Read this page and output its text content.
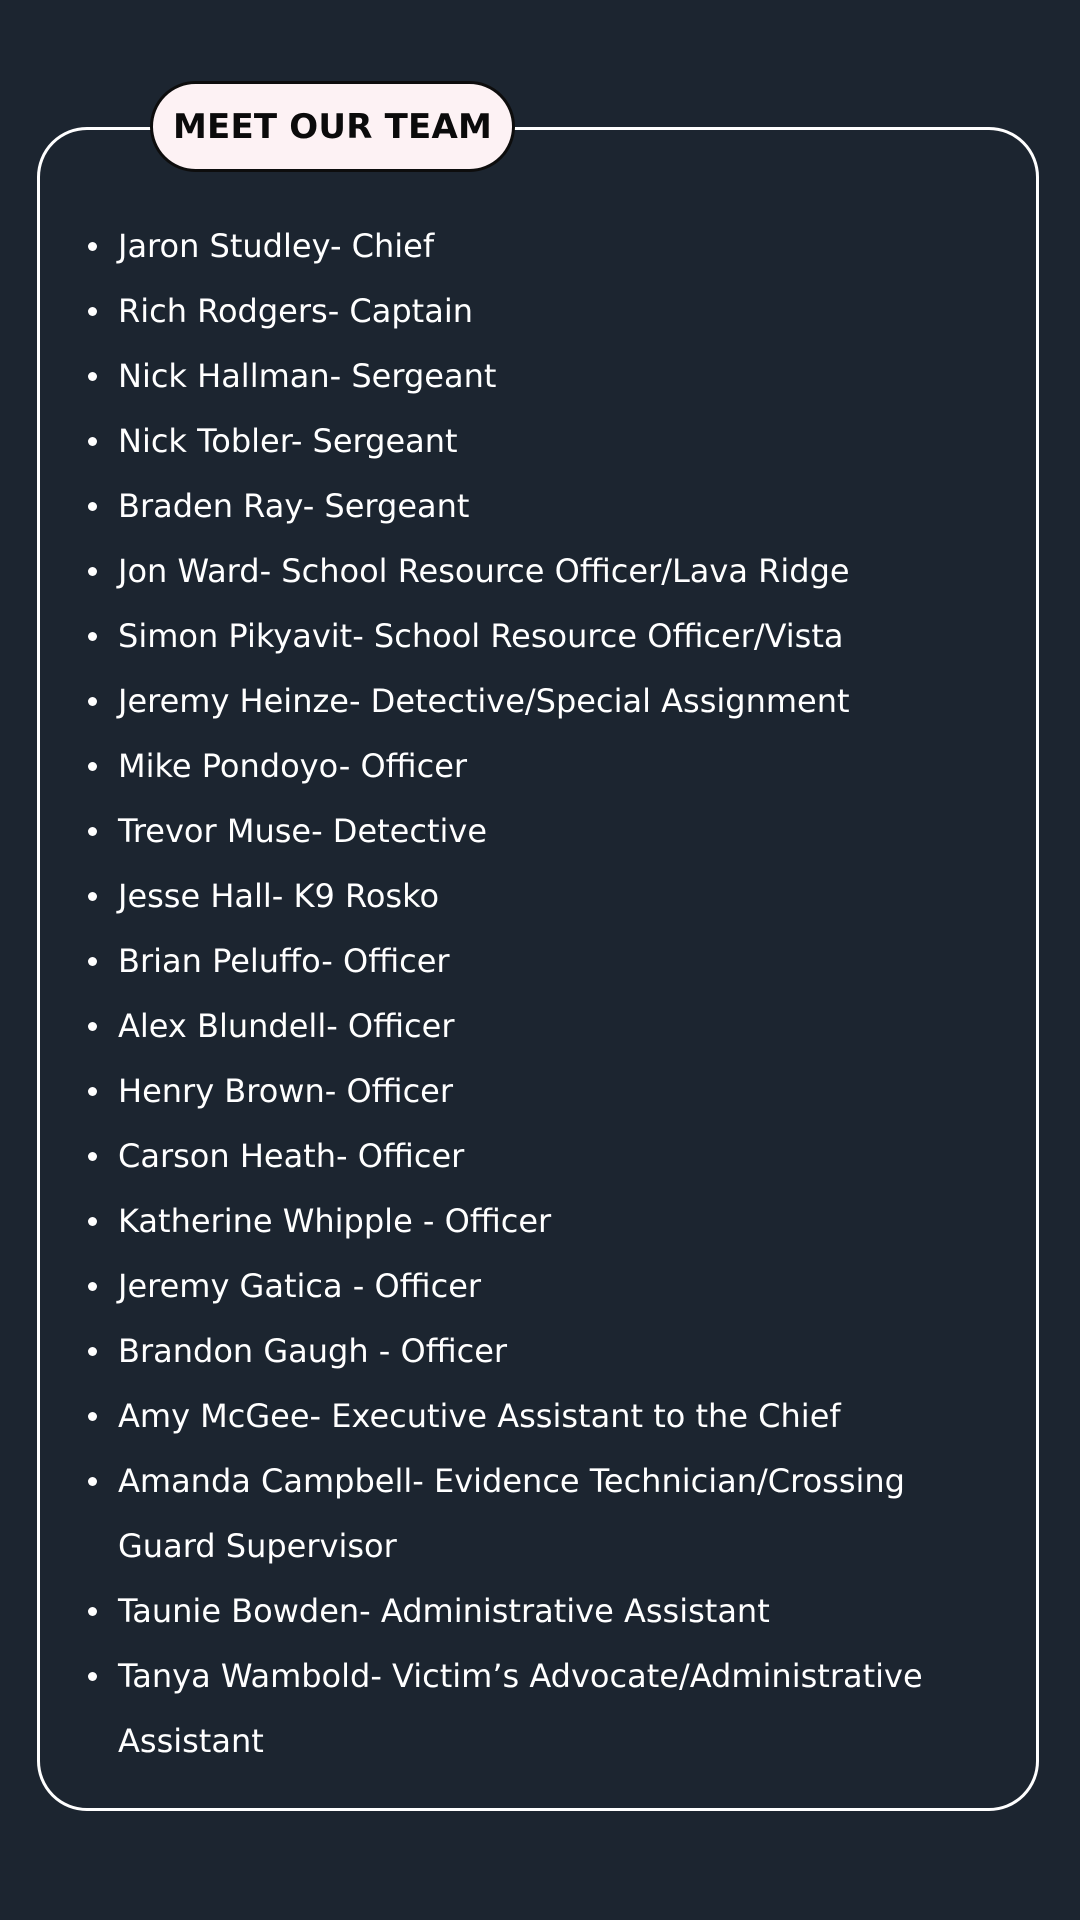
MEET OUR TEAM
Jaron Studley- Chief
Rich Rodgers- Captain
Nick Hallman- Sergeant
Nick Tobler- Sergeant
Braden Ray- Sergeant
Jon Ward- School Resource Officer/Lava Ridge
Simon Pikyavit- School Resource Officer/Vista
Jeremy Heinze- Detective/Special Assignment
Mike Pondoyo- Officer
Trevor Muse- Detective
Jesse Hall- K9 Rosko
Brian Peluffo- Officer
Alex Blundell- Officer
Henry Brown- Officer
Carson Heath- Officer
Katherine Whipple - Officer
Jeremy Gatica - Officer
Brandon Gaugh - Officer
Amy McGee- Executive Assistant to the Chief
Amanda Campbell- Evidence Technician/Crossing Guard Supervisor
Taunie Bowden- Administrative Assistant
Tanya Wambold- Victim’s Advocate/Administrative Assistant
